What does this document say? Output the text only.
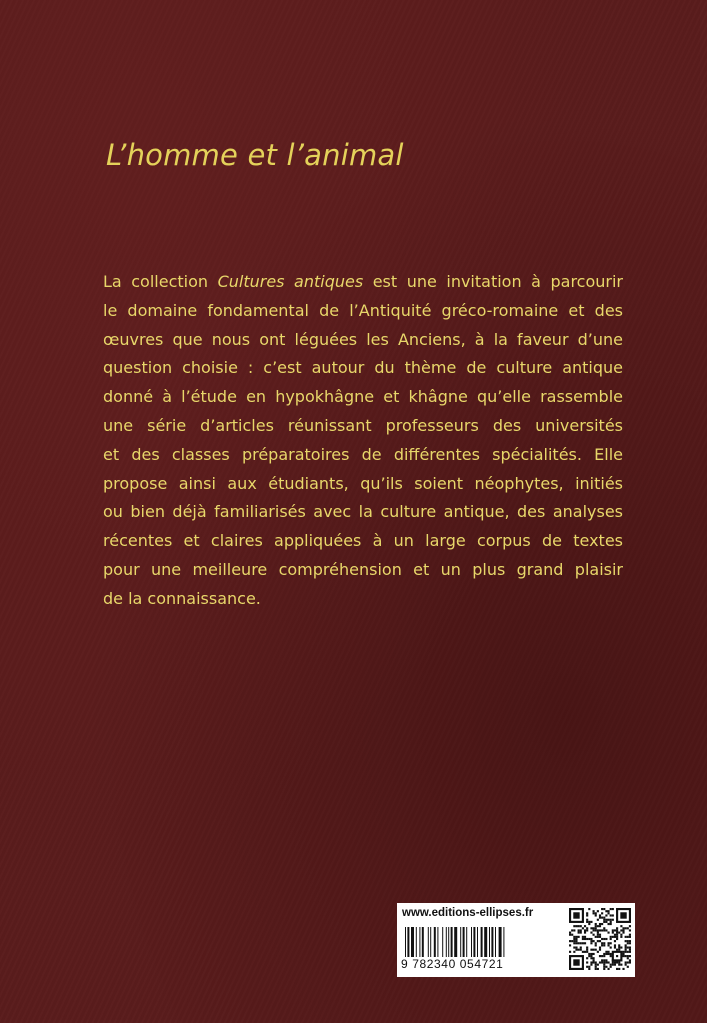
L’homme et l’animal
La collection Cultures antiques est une invitation à parcourir
le domaine fondamental de l’Antiquité gréco-romaine et des
œuvres que nous ont léguées les Anciens, à la faveur d’une
question choisie : c’est autour du thème de culture antique
donné à l’étude en hypokhâgne et khâgne qu’elle rassemble
une série d’articles réunissant professeurs des universités
et des classes préparatoires de différentes spécialités. Elle
propose ainsi aux étudiants, qu’ils soient néophytes, initiés
ou bien déjà familiarisés avec la culture antique, des analyses
récentes et claires appliquées à un large corpus de textes
pour une meilleure compréhension et un plus grand plaisir
de la connaissance.
www.editions-ellipses.fr
9 782340 054721
